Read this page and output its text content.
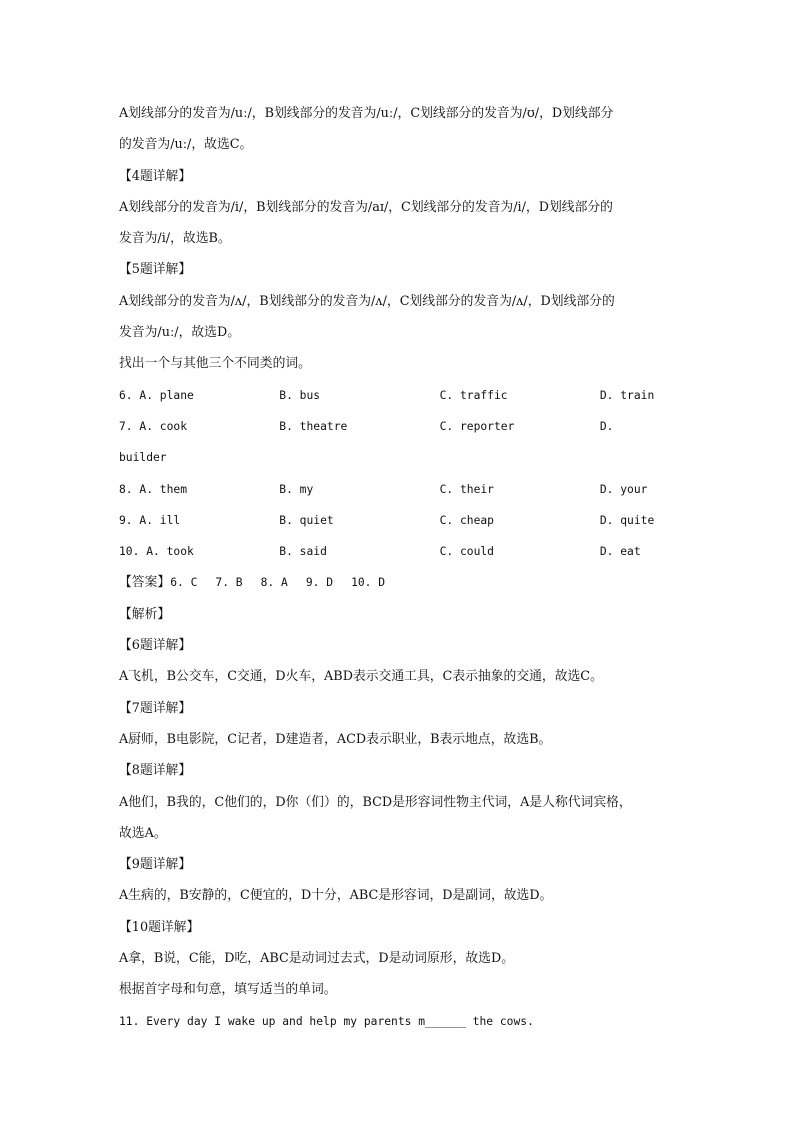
A划线部分的发音为/uː/，B划线部分的发音为/uː/，C划线部分的发音为/ʊ/，D划线部分
的发音为/uː/，故选C。
【4题详解】
A划线部分的发音为/i/，B划线部分的发音为/aɪ/，C划线部分的发音为/i/，D划线部分的
发音为/i/，故选B。
【5题详解】
A划线部分的发音为/ʌ/，B划线部分的发音为/ʌ/，C划线部分的发音为/ʌ/，D划线部分的
发音为/uː/，故选D。
找出一个与其他三个不同类的词。
6. A. plane	B. bus	C. traffic	D. train
7. A. cook	B. theatre	C. reporter	D.
builder
8. A. them	B. my	C. their	D. your
9. A. ill	B. quiet	C. cheap	D. quite
10. A. took	B. said	C. could	D. eat
【答案】6. C 7. B 8. A 9. D 10. D
【解析】
【6题详解】
A飞机，B公交车，C交通，D火车，ABD表示交通工具，C表示抽象的交通，故选C。
【7题详解】
A厨师，B电影院，C记者，D建造者，ACD表示职业，B表示地点，故选B。
【8题详解】
A他们，B我的，C他们的，D你（们）的，BCD是形容词性物主代词，A是人称代词宾格，
故选A。
【9题详解】
A生病的，B安静的，C便宜的，D十分，ABC是形容词，D是副词，故选D。
【10题详解】
A拿，B说，C能，D吃，ABC是动词过去式，D是动词原形，故选D。
根据首字母和句意，填写适当的单词。
11. Every day I wake up and help my parents m______ the cows.
